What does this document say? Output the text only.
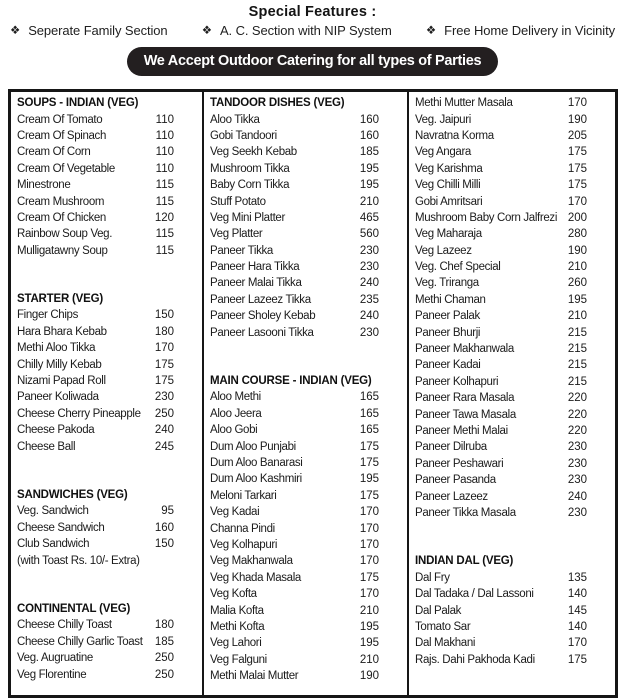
Special Features :
❖ Seperate Family Section	❖ A. C. Section with NIP System	❖ Free Home Delivery in Vicinity
We Accept Outdoor Catering for all types of Parties
SOUPS - INDIAN (VEG)
Cream Of Tomato	110
Cream Of Spinach	110
Cream Of Corn	110
Cream Of Vegetable	110
Minestrone	115
Cream Mushroom	115
Cream Of Chicken	120
Rainbow Soup Veg.	115
Mulligatawny Soup	115
STARTER (VEG)
Finger Chips	150
Hara Bhara Kebab	180
Methi Aloo Tikka	170
Chilly Milly Kebab	175
Nizami Papad Roll	175
Paneer Koliwada	230
Cheese Cherry Pineapple 250
Cheese Pakoda	240
Cheese Ball	245
SANDWICHES (VEG)
Veg. Sandwich	95
Cheese Sandwich	160
Club Sandwich	150
(with Toast Rs. 10/- Extra)
CONTINENTAL (VEG)
Cheese Chilly Toast	180
Cheese Chilly Garlic Toast 185
Veg. Augruatine	250
Veg Florentine	250
TANDOOR DISHES (VEG)
Aloo Tikka	160
Gobi Tandoori	160
Veg Seekh Kebab	185
Mushroom Tikka	195
Baby Corn Tikka	195
Stuff Potato	210
Veg Mini Platter	465
Veg Platter	560
Paneer Tikka	230
Paneer Hara Tikka	230
Paneer Malai Tikka	240
Paneer Lazeez Tikka	235
Paneer Sholey Kebab	240
Paneer Lasooni Tikka	230
MAIN COURSE - INDIAN (VEG)
Aloo Methi	165
Aloo Jeera	165
Aloo Gobi	165
Dum Aloo Punjabi	175
Dum Aloo Banarasi	175
Dum Aloo Kashmiri	195
Meloni Tarkari	175
Veg Kadai	170
Channa Pindi	170
Veg Kolhapuri	170
Veg Makhanwala	170
Veg Khada Masala	175
Veg Kofta	170
Malia Kofta	210
Methi Kofta	195
Veg Lahori	195
Veg Falguni	210
Methi Malai Mutter	190
Methi Mutter Masala	170
Veg. Jaipuri	190
Navratna Korma	205
Veg Angara	175
Veg Karishma	175
Veg Chilli Milli	175
Gobi Amritsari	170
Mushroom Baby Corn Jalfrezi 200
Veg Maharaja	280
Veg Lazeez	190
Veg. Chef Special	210
Veg. Triranga	260
Methi Chaman	195
Paneer Palak	210
Paneer Bhurji	215
Paneer Makhanwala	215
Paneer Kadai	215
Paneer Kolhapuri	215
Paneer Rara Masala	220
Paneer Tawa Masala	220
Paneer Methi Malai	220
Paneer Dilruba	230
Paneer Peshawari	230
Paneer Pasanda	230
Paneer Lazeez	240
Paneer Tikka Masala	230
INDIAN DAL (VEG)
Dal Fry	135
Dal Tadaka / Dal Lassoni	140
Dal Palak	145
Tomato Sar	140
Dal Makhani	170
Rajs. Dahi Pakhoda Kadi	175
